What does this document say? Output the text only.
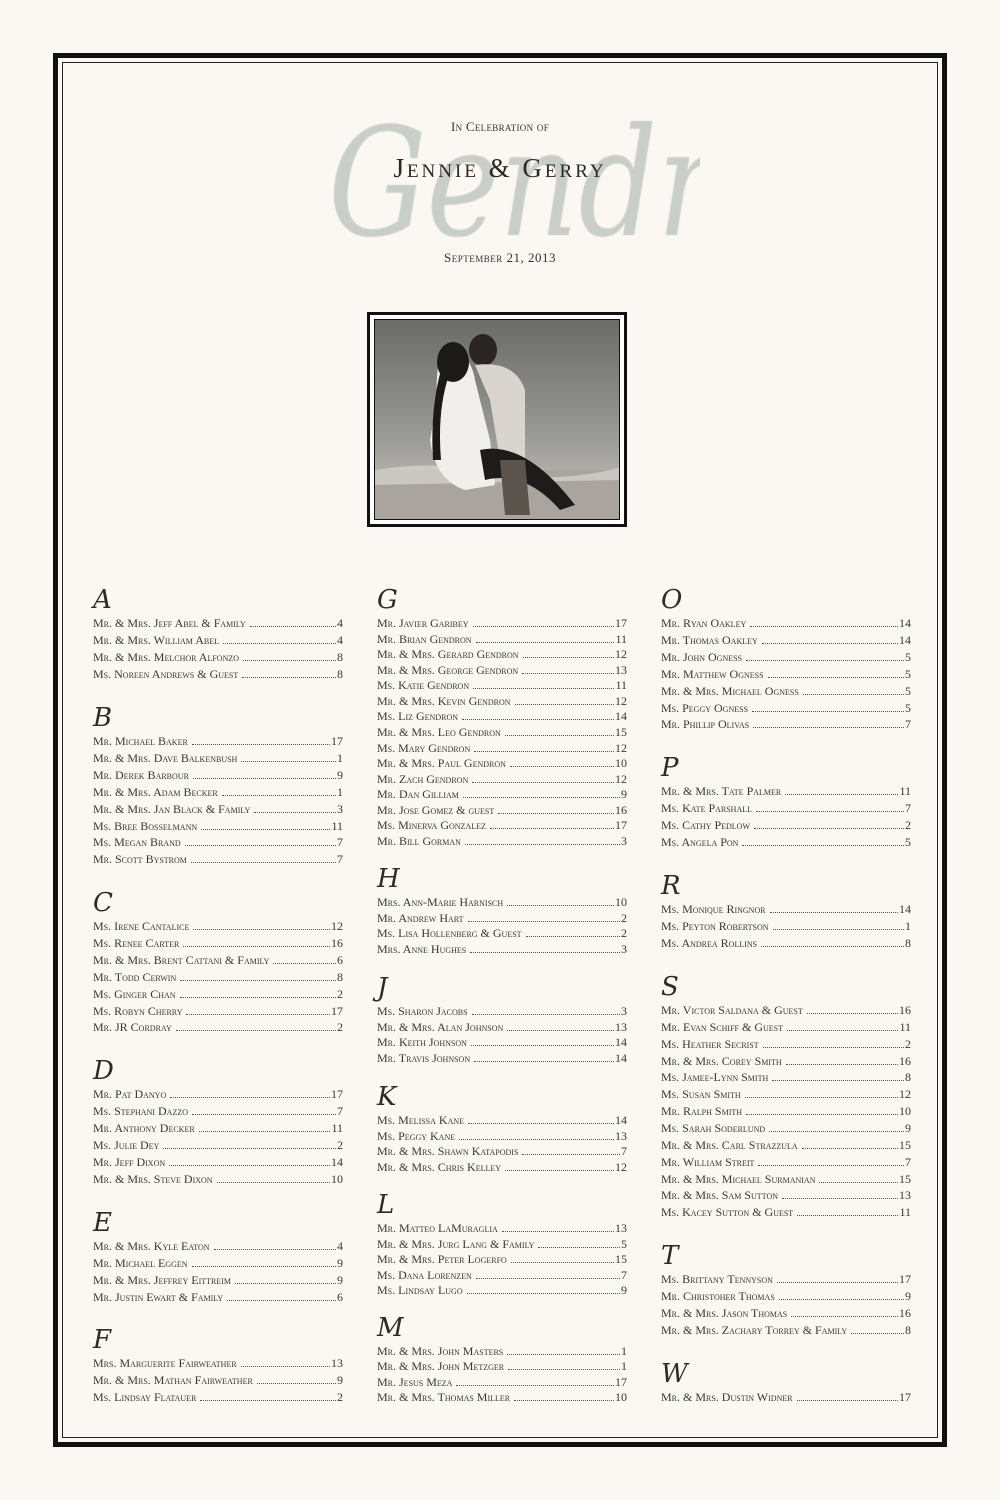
In Celebration of
Jennie & Gerry
September 21, 2013
A
Mr. & Mrs. Jeff Abel & Family	4
Mr. & Mrs. William Abel	4
Mr. & Mrs. Melchor Alfonzo	8
Ms. Noreen Andrews & Guest	8
B
Mr. Michael Baker	17
Mr. & Mrs. Dave Balkenbush	1
Mr. Derek Barbour	9
Mr. & Mrs. Adam Becker	1
Mr. & Mrs. Jan Black & Family	3
Ms. Bree Bosselmann	11
Ms. Megan Brand	7
Mr. Scott Bystrom	7
C
Ms. Irene Cantalice	12
Ms. Renee Carter	16
Mr. & Mrs. Brent Cattani & Family	6
Mr. Todd Cerwin	8
Ms. Ginger Chan	2
Ms. Robyn Cherry	17
Mr. JR Cordray	2
D
Mr. Pat Danyo	17
Ms. Stephani Dazzo	7
Mr. Anthony Decker	11
Ms. Julie Dey	2
Mr. Jeff Dixon	14
Mr. & Mrs. Steve Dixon	10
E
Mr. & Mrs. Kyle Eaton	4
Mr. Michael Eggen	9
Mr. & Mrs. Jeffrey Eittreim	9
Mr. Justin Ewart & Family	6
F
Mrs. Marguerite Fairweather	13
Mr. & Mrs. Mathan Fairweather	9
Ms. Lindsay Flatauer	2
G
Mr. Javier Garibey	17
Mr. Brian Gendron	11
Mr. & Mrs. Gerard Gendron	12
Mr. & Mrs. George Gendron	13
Ms. Katie Gendron	11
Mr. & Mrs. Kevin Gendron	12
Ms. Liz Gendron	14
Mr. & Mrs. Leo Gendron	15
Ms. Mary Gendron	12
Mr. & Mrs. Paul Gendron	10
Mr. Zach Gendron	12
Mr. Dan Gilliam	9
Mr. Jose Gomez & guest	16
Ms. Minerva Gonzalez	17
Mr. Bill Gorman	3
H
Mrs. Ann-Marie Harnisch	10
Mr. Andrew Hart	2
Ms. Lisa Hollenberg & Guest	2
Mrs. Anne Hughes	3
J
Ms. Sharon Jacobs	3
Mr. & Mrs. Alan Johnson	13
Mr. Keith Johnson	14
Mr. Travis Johnson	14
K
Ms. Melissa Kane	14
Ms. Peggy Kane	13
Mr. & Mrs. Shawn Katapodis	7
Mr. & Mrs. Chris Kelley	12
L
Mr. Matteo LaMuraglia	13
Mr. & Mrs. Jurg Lang & Family	5
Mr. & Mrs. Peter Logerfo	15
Ms. Dana Lorenzen	7
Ms. Lindsay Lugo	9
M
Mr. & Mrs. John Masters	1
Mr. & Mrs. John Metzger	1
Mr. Jesus Meza	17
Mr. & Mrs. Thomas Miller	10
O
Mr. Ryan Oakley	14
Mr. Thomas Oakley	14
Mr. John Ogness	5
Mr. Matthew Ogness	5
Mr. & Mrs. Michael Ogness	5
Ms. Peggy Ogness	5
Mr. Phillip Olivas	7
P
Mr. & Mrs. Tate Palmer	11
Ms. Kate Parshall	7
Ms. Cathy Pedlow	2
Ms. Angela Pon	5
R
Ms. Monique Ringnor	14
Ms. Peyton Robertson	1
Ms. Andrea Rollins	8
S
Mr. Victor Saldana & Guest	16
Mr. Evan Schiff & Guest	11
Ms. Heather Secrist	2
Mr. & Mrs. Corey Smith	16
Ms. Jamee-Lynn Smith	8
Ms. Susan Smith	12
Mr. Ralph Smith	10
Ms. Sarah Soderlund	9
Mr. & Mrs. Carl Strazzula	15
Mr. William Streit	7
Mr. & Mrs. Michael Surmanian	15
Mr. & Mrs. Sam Sutton	13
Ms. Kacey Sutton & Guest	11
T
Ms. Brittany Tennyson	17
Mr. Christoher Thomas	9
Mr. & Mrs. Jason Thomas	16
Mr. & Mrs. Zachary Torrey & Family	8
W
Mr. & Mrs. Dustin Widner	17
